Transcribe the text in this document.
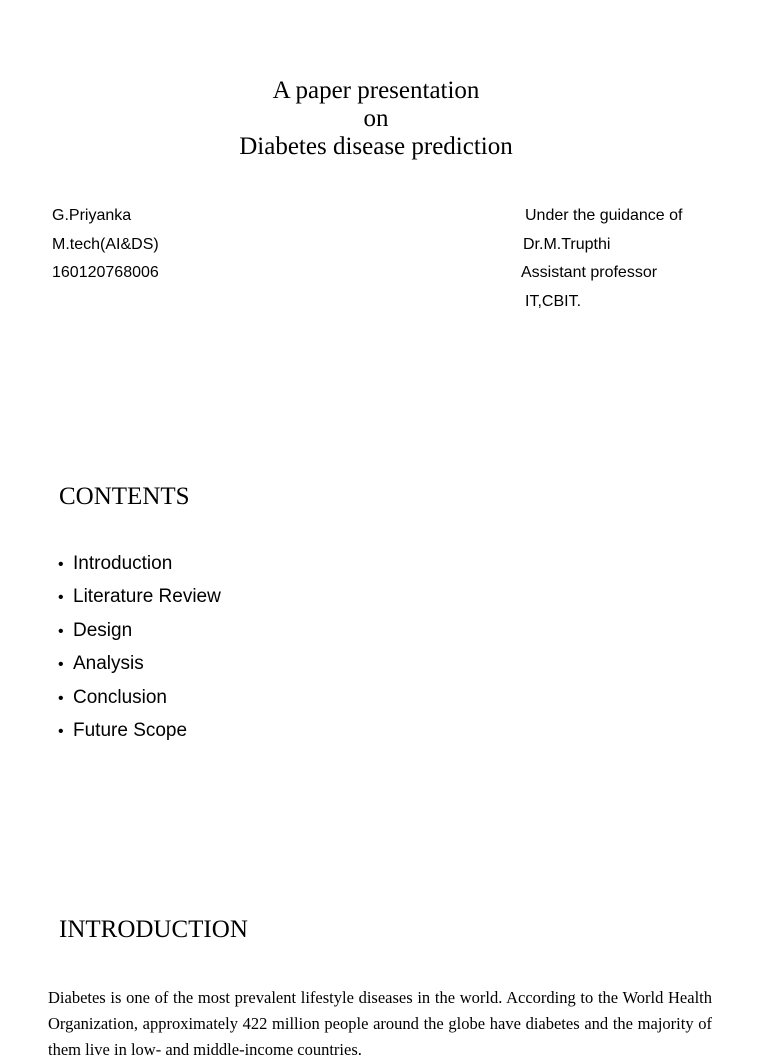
A paper presentation
on
Diabetes disease prediction
G.Priyanka
M.tech(AI&DS)
160120768006
Under the guidance of
Dr.M.Trupthi
Assistant professor
IT,CBIT.
CONTENTS
• Introduction
• Literature Review
• Design
• Analysis
• Conclusion
• Future Scope
INTRODUCTION
Diabetes is one of the most prevalent lifestyle diseases in the world. According to the World Health Organization, approximately 422 million people around the globe have diabetes and the majority of them live in low- and middle-income countries.
